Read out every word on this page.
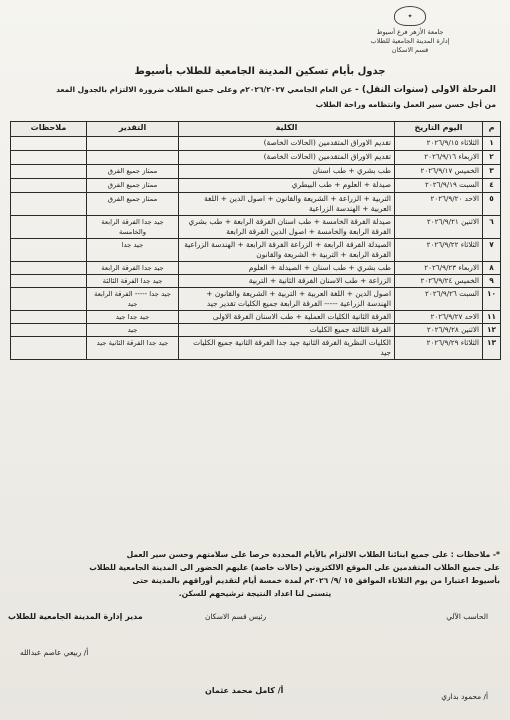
✦
جامعة الأزهر فرع أسيوط
إدارة المدينة الجامعية للطلاب
قسم الاسكان
جدول بأيام تسكين المدينة الجامعية للطلاب بأسيوط
المرحلة الاولى (سنوات النقل) - عن العام الجامعي ٢٠٢٦/٢٠٢٧م وعلى جميع الطلاب ضرورة الالتزام بالجدول المعد
من أجل حسن سير العمل وانتظامه وراحة الطلاب
م	اليوم التاريخ	الكلية	التقدير	ملاحظات
١	الثلاثاء ٢٠٢٦/٩/١٥	تقديم الاوراق المتقدمين (الحالات الخاصة)		
٢	الاربعاء ٢٠٢٦/٩/١٦	تقديم الاوراق المتقدمين (الحالات الخاصة)		
٣	الخميس ٢٠٢٦/٩/١٧	طب بشري + طب اسنان	ممتاز جميع الفرق	
٤	السبت ٢٠٢٦/٩/١٩	صيدلة + العلوم + طب البيطري	ممتاز جميع الفرق	
٥	الاحد ٢٠٢٦/٩/٢٠	التربية + الزراعة + الشريعة والقانون + اصول الدين + اللغة العربية + الهندسة الزراعية	ممتاز جميع الفرق	
٦	الاثنين ٢٠٢٦/٩/٢١	صيدلة الفرقة الخامسة + طب اسنان الفرقة الرابعة + طب بشري الفرقة الرابعة والخامسة + اصول الدين الفرقة الرابعة	جيد جدا الفرقة الرابعة والخامسة	
٧	الثلاثاء ٢٠٢٦/٩/٢٢	الصيدلة الفرقة الرابعة + الزراعة الفرقة الرابعة + الهندسة الزراعية الفرقة الرابعة + التربية + الشريعة والقانون	جيد جدا	
٨	الاربعاء ٢٠٢٦/٩/٢٣	طب بشري + طب اسنان + الصيدلة + العلوم	جيد جدا الفرقة الرابعة	
٩	الخميس ٢٠٢٦/٩/٢٤	الزراعة + طب الاسنان الفرقة الثانية + التربية	جيد جدا الفرقة الثالثة	
١٠	السبت ٢٠٢٦/٩/٢٦	اصول الدين + اللغة العربية + التربية + الشريعة والقانون + الهندسة الزراعية ----- الفرقة الرابعة جميع الكليات تقدير جيد	جيد جدا ----- الفرقة الرابعة جيد	
١١	الاحد ٢٠٢٦/٩/٢٧	الفرقة الثانية الكليات العملية + طب الاسنان الفرقة الاولى	جيد جدا جيد	
١٢	الاثنين ٢٠٢٦/٩/٢٨	الفرقة الثالثة جميع الكليات	جيد	
١٣	الثلاثاء ٢٠٢٦/٩/٢٩	الكليات النظرية الفرقة الثانية جيد جدا الفرقة الثانية جميع الكليات جيد	جيد جدا الفرقة الثانية جيد	
*- ملاحظات : على جميع ابنائنا الطلاب الالتزام بالأيام المحددة حرصا على سلامتهم وحسن سير العمل
على جميع الطلاب المتقدمين على الموقع الالكتروني (حالات خاصة) عليهم الحضور الى المدينة الجامعية للطلاب
بأسيوط اعتبارا من يوم الثلاثاء الموافق ١٥ /٩/ ٢٠٢٦م لمدة خمسة أيام لتقديم أوراقهم بالمدينة حتى
يتسنى لنا اعداد النتيجة ترشيحهم للسكن.
الحاسب الآلي
رئيس قسم الاسكان
مدير إدارة المدينة الجامعية للطلاب
أ/ ربيعي عاصم عبدالله
أ/ كامل محمد عثمان
أ/ محمود بداري
